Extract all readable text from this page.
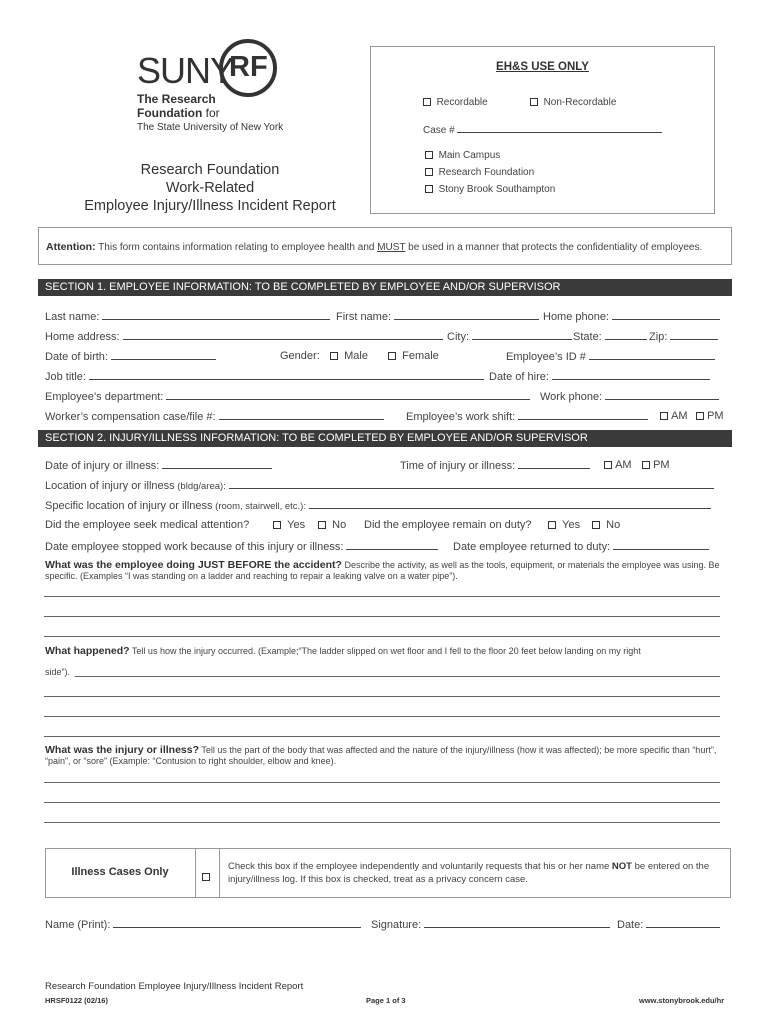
SUNY
RF
The Research
Foundation for
The State University of New York
Research Foundation
Work-Related
Employee Injury/Illness Incident Report
EH&S USE ONLY
Recordable	Non-Recordable
Case #
Main Campus
Research Foundation
Stony Brook Southampton
Attention: This form contains information relating to employee health and MUST be used in a manner that protects the confidentiality of employees.
SECTION 1. EMPLOYEE INFORMATION: TO BE COMPLETED BY EMPLOYEE AND/OR SUPERVISOR
Last name:	First name:	Home phone:
Home address:	City:	State:	Zip:
Date of birth:	Gender:	Male	Female	Employee’s ID #
Job title:	Date of hire:
Employee’s department:	Work phone:
Worker’s compensation case/file #:	Employee’s work shift:	AM	PM
SECTION 2. INJURY/ILLNESS INFORMATION: TO BE COMPLETED BY EMPLOYEE AND/OR SUPERVISOR
Date of injury or illness:	Time of injury or illness:	AM	PM
Location of injury or illness (bldg/area):
Specific location of injury or illness (room, stairwell, etc.):
Did the employee seek medical attention?	Yes	No Did the employee remain on duty?	Yes	No
Date employee stopped work because of this injury or illness:	Date employee returned to duty:
What was the employee doing JUST BEFORE the accident? Describe the activity, as well as the tools, equipment, or materials the employee was using. Be specific. (Examples “I was standing on a ladder and reaching to repair a leaking valve on a water pipe”).
What happened? Tell us how the injury occurred. (Example;“The ladder slipped on wet floor and I fell to the floor 20 feet below landing on my right
side”).
What was the injury or illness? Tell us the part of the body that was affected and the nature of the injury/illness (how it was affected); be more specific than “hurt”, “pain”, or “sore” (Example: “Contusion to right shoulder, elbow and knee).
Illness Cases Only	Check this box if the employee independently and voluntarily requests that his or her name NOT be entered on the injury/illness log. If this box is checked, treat as a privacy concern case.
Name (Print):	Signature:	Date:
Research Foundation Employee Injury/Illness Incident Report
HRSF0122 (02/16)	Page 1 of 3	www.stonybrook.edu/hr
